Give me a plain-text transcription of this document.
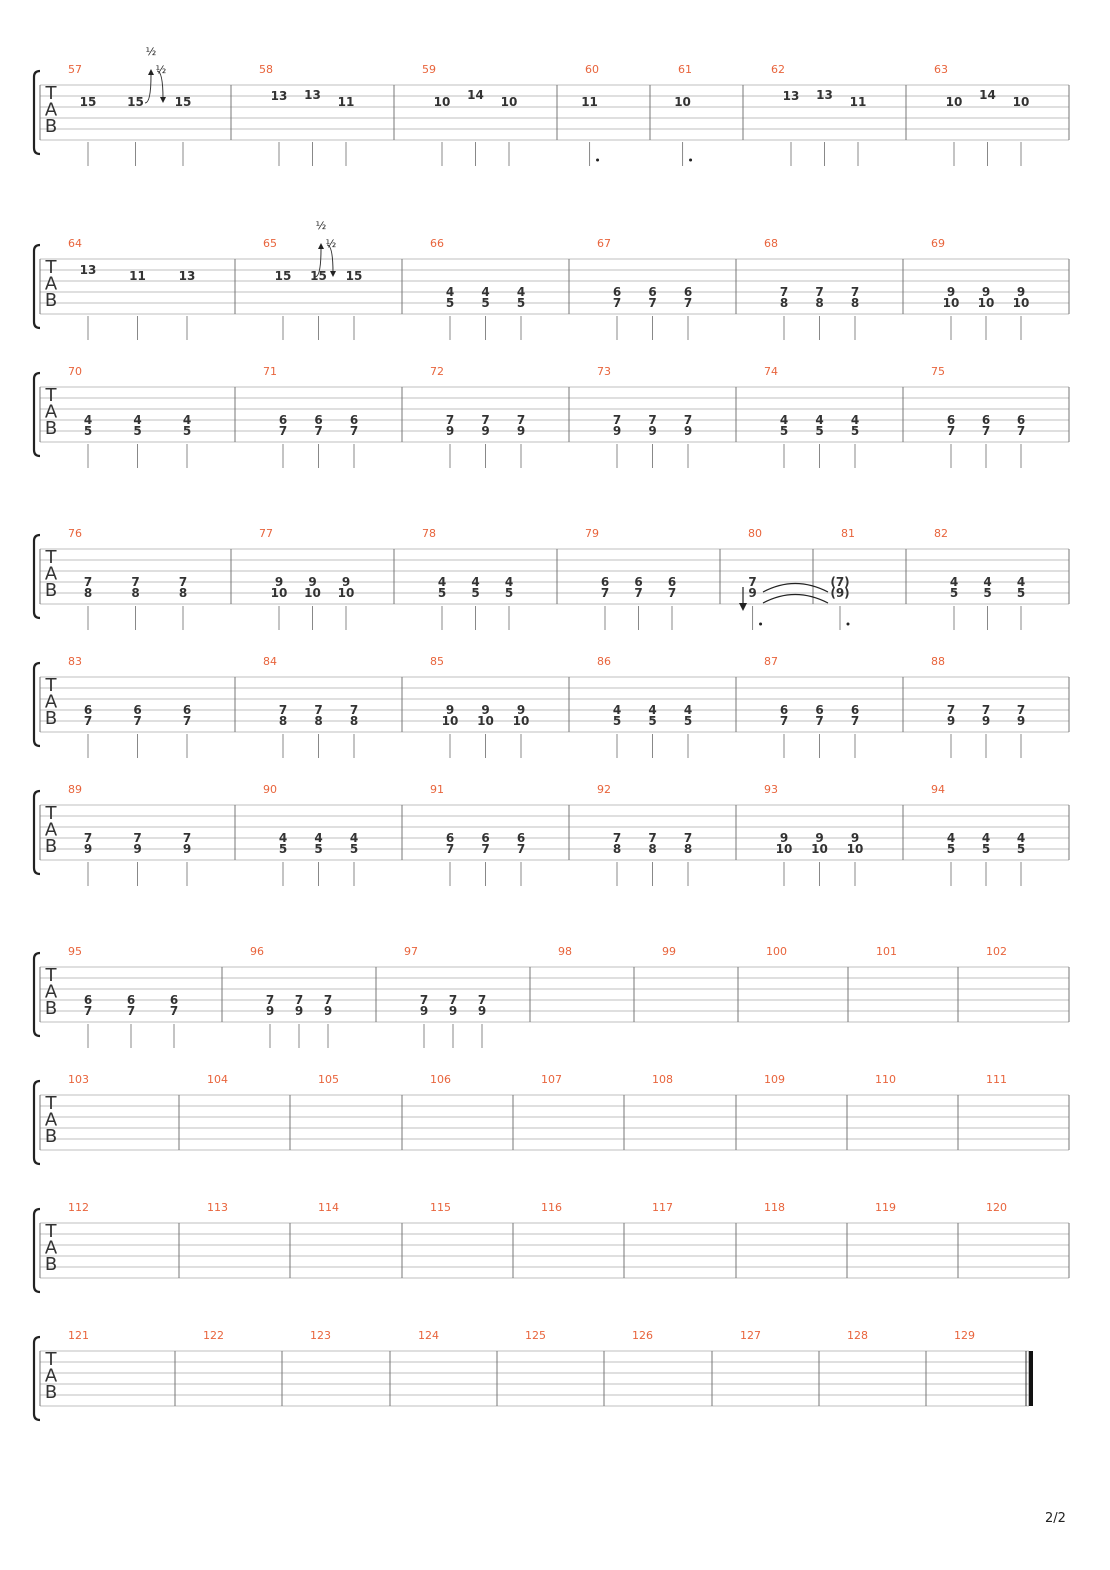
T
A
B
57
15	15	15
58
13 13 11
59
10 14 10
60
11
61
10
62
13 13 11
63
10 14 10
T
A
B
64
13	11	13
65
15 15 15
66
4
5
4
5
4
5
67
6
7
6
7
6
7
68
7
8
7
8
7
8
69
9
10
9
10
9
10
T
A
B
70
4
5
4
5
4
5
71
6
7
6
7
6
7
72
7
9
7
9
7
9
73
7
9
7
9
7
9
74
4
5
4
5
4
5
75
6
7
6
7
6
7
T
A
B
76
7
8
7
8
7
8
77
9
10
9
10
9
10
78
4
5
4
5
4
5
79
6
7
6
7
6
7
80
7
9
81
(7)
(9)
82
4
5
4
5
4
5
T
A
B
83
6
7
6
7
6
7
84
7
8
7
8
7
8
85
9
10
9
10
9
10
86
4
5
4
5
4
5
87
6
7
6
7
6
7
88
7
9
7
9
7
9
T
A
B
89
7
9
7
9
7
9
90
4
5
4
5
4
5
91
6
7
6
7
6
7
92
7
8
7
8
7
8
93
9
10
9
10
9
10
94
4
5
4
5
4
5
T
A
B
95
6
7
6
7
6
7
96
7
9
7
9
7
9
97
7
9
7
9
7
9
98	99	100	101	102
T
A
B
103	104	105	106	107	108	109	110	111
T
A
B
112	113	114	115	116	117	118	119	120
T
A
B
121	122	123	124	125	126	127	128	129
½
½
½
½
2/2
